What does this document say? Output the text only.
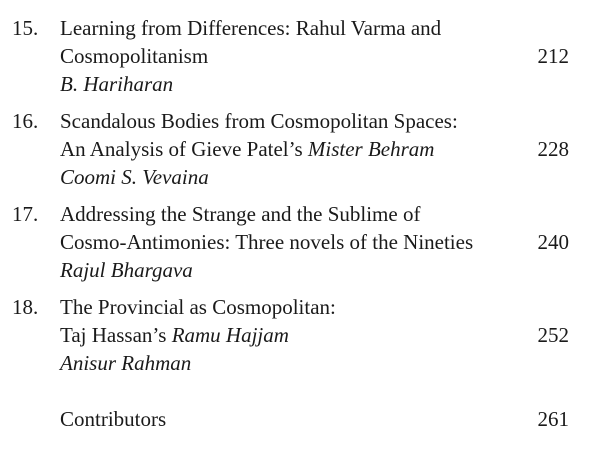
15. Learning from Differences: Rahul Varma and
Cosmopolitanism	212
B. Hariharan
16. Scandalous Bodies from Cosmopolitan Spaces:
An Analysis of Gieve Patel’s Mister Behram	228
Coomi S. Vevaina
17. Addressing the Strange and the Sublime of
Cosmo-Antimonies: Three novels of the Nineties	240
Rajul Bhargava
18. The Provincial as Cosmopolitan:
Taj Hassan’s Ramu Hajjam	252
Anisur Rahman
Contributors	261
